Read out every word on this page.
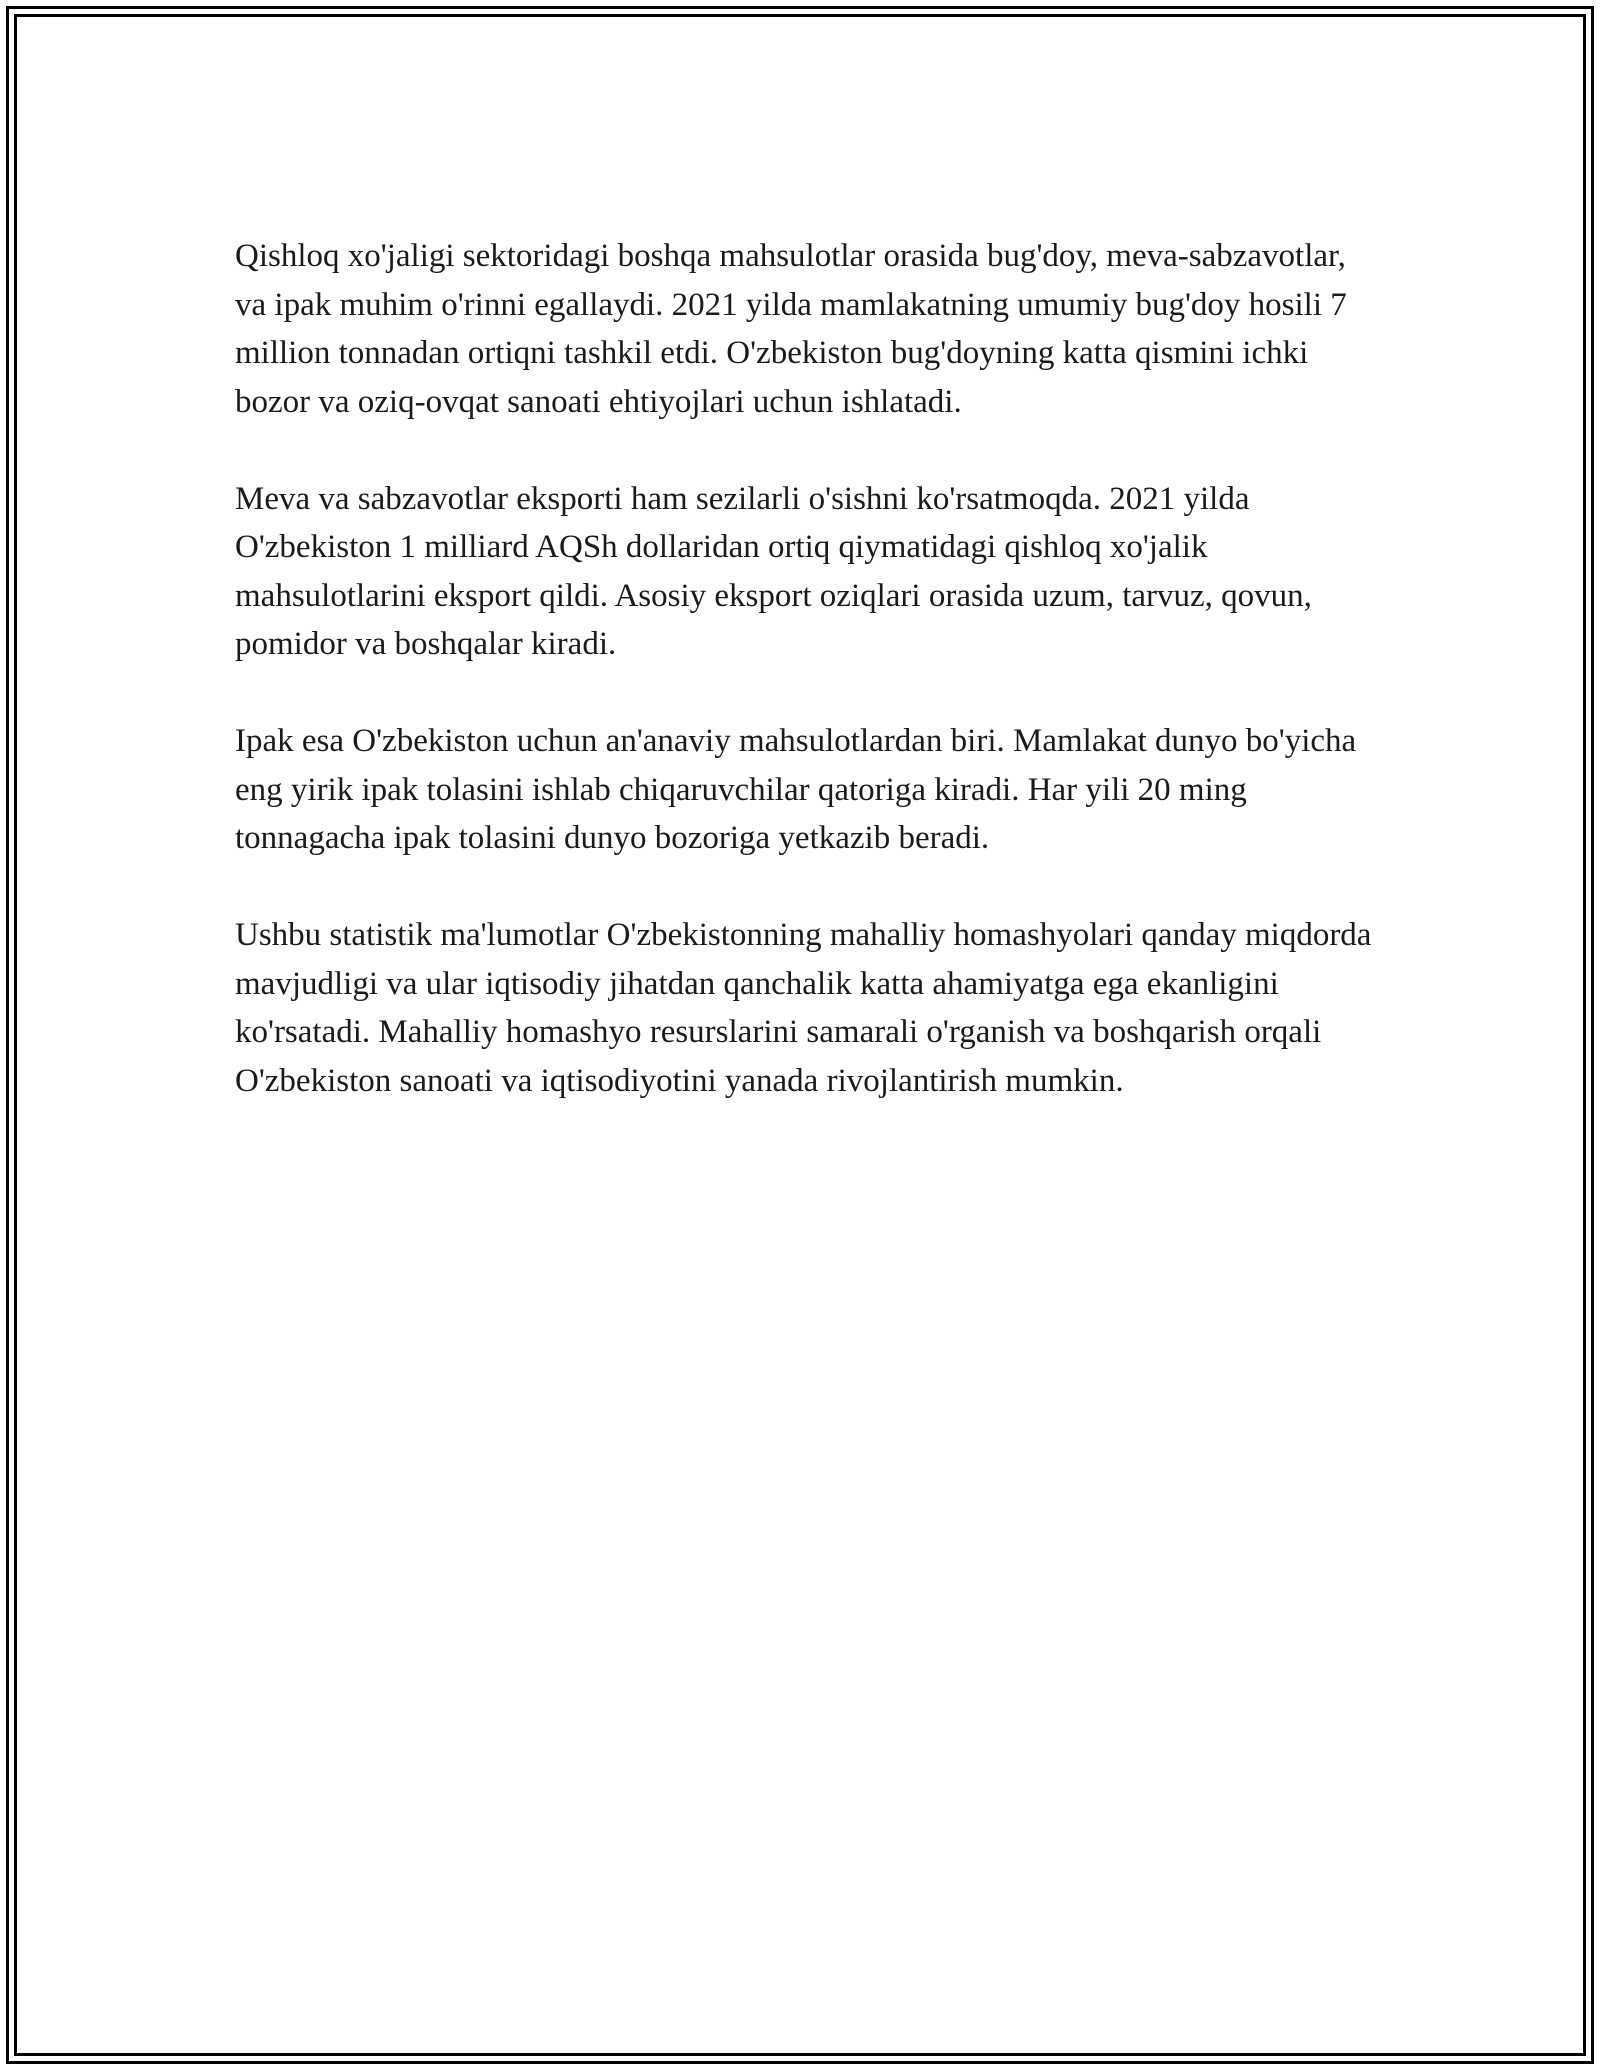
Qishloq xo'jaligi sektoridagi boshqa mahsulotlar orasida bug'doy, meva-sabzavotlar, va ipak muhim o'rinni egallaydi. 2021 yilda mamlakatning umumiy bug'doy hosili 7 million tonnadan ortiqni tashkil etdi. O'zbekiston bug'doyning katta qismini ichki bozor va oziq-ovqat sanoati ehtiyojlari uchun ishlatadi.

Meva va sabzavotlar eksporti ham sezilarli o'sishni ko'rsatmoqda. 2021 yilda O'zbekiston 1 milliard AQSh dollaridan ortiq qiymatidagi qishloq xo'jalik mahsulotlarini eksport qildi. Asosiy eksport oziqlari orasida uzum, tarvuz, qovun, pomidor va boshqalar kiradi.

Ipak esa O'zbekiston uchun an'anaviy mahsulotlardan biri. Mamlakat dunyo bo'yicha eng yirik ipak tolasini ishlab chiqaruvchilar qatoriga kiradi. Har yili 20 ming tonnagacha ipak tolasini dunyo bozoriga yetkazib beradi.

Ushbu statistik ma'lumotlar O'zbekistonning mahalliy homashyolari qanday miqdorda mavjudligi va ular iqtisodiy jihatdan qanchalik katta ahamiyatga ega ekanligini ko'rsatadi. Mahalliy homashyo resurslarini samarali o'rganish va boshqarish orqali O'zbekiston sanoati va iqtisodiyotini yanada rivojlantirish mumkin.
